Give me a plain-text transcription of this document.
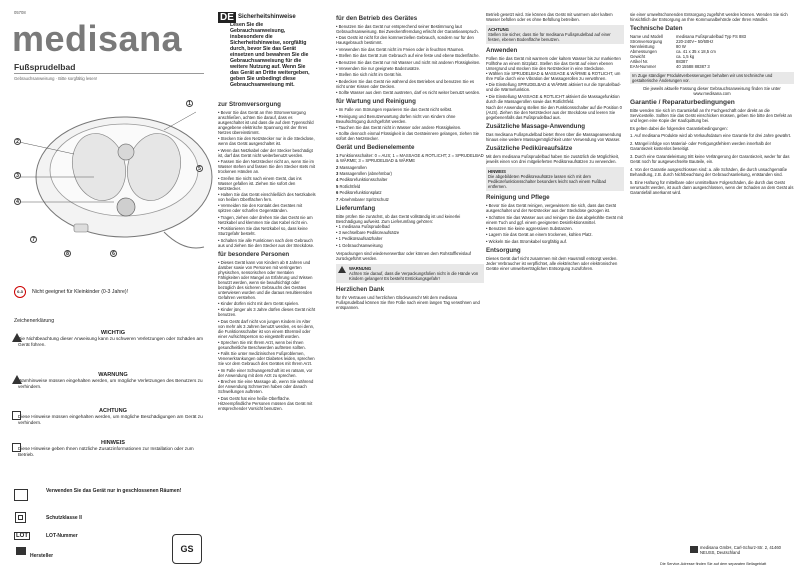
05708
medisana
Fußsprudelbad
Gebrauchsanweisung · Bitte sorgfältig lesen!
1
2
3
4
5
6
7
8
0-3	Nicht geeignet für Kleinkinder (0-3 Jahre)!
Zeichenerklärung
WICHTIG
Die Nichtbeachtung dieser Anweisung kann zu schweren Verletzungen oder Schäden am Gerät führen.
WARNUNG
Warnhinweise müssen eingehalten werden, um mögliche Verletzungen des Benutzers zu verhindern.
ACHTUNG
Diese Hinweise müssen eingehalten werden, um mögliche Beschädigungen am Gerät zu verhindern.
HINWEIS
Diese Hinweise geben Ihnen nützliche Zusatzinformationen zur Installation oder zum Betrieb.
Verwenden Sie das Gerät nur in geschlossenen Räumen!
Schutzklasse II
LOT	LOT-Nummer
Hersteller
GS
DE Sicherheitshinweise
Lesen Sie die Gebrauchsanweisung, insbesondere die Sicherheitshinweise, sorgfältig durch, bevor Sie das Gerät einsetzen und bewahren Sie die Gebrauchsanweisung für die weitere Nutzung auf. Wenn Sie das Gerät an Dritte weitergeben, geben Sie unbedingt diese Gebrauchsanweisung mit.
zur Stromversorgung

• Bevor Sie das Gerät an Ihre Stromversorgung anschließen, achten Sie darauf, dass es ausgeschaltet ist und dass die auf dem Typenschild angegebene elektrische Spannung mit der Ihres Netzes übereinstimmt.

• Stecken Sie den Netzstecker nur in die Steckdose, wenn das Gerät ausgeschaltet ist.

• Wenn das Netzkabel oder der Stecker beschädigt ist, darf das Gerät nicht weiterbenutzt werden.

• Fassen Sie den Netzstecker nicht an, wenn Sie im Wasser stehen und fassen Sie den Stecker stets mit trockenen Händen an.

• Greifen Sie nicht nach einem Gerät, das ins Wasser gefallen ist. Ziehen Sie sofort den Netzstecker.

• Halten Sie das Gerät einschließlich des Netzkabels von heißen Oberflächen fern.

• Vermeiden Sie den Kontakt des Gerätes mit spitzen oder scharfen Gegenständen.

• Tragen, ziehen oder drehen Sie das Gerät nie am Netzkabel und klemmen Sie das Kabel nicht ein.

• Positionieren Sie das Netzkabel so, dass keine Sturzgefahr besteht.

• Schalten Sie alle Funktionen nach dem Gebrauch aus und ziehen Sie den Stecker aus der Steckdose.

für besondere Personen

• Dieses Gerät kann von Kindern ab 8 Jahren und darüber sowie von Personen mit verringerten physischen, sensorischen oder mentalen Fähigkeiten oder Mangel an Erfahrung und Wissen benutzt werden, wenn sie beaufsichtigt oder bezüglich des sicheren Gebrauchs des Gerätes unterwiesen wurden und die daraus resultierenden Gefahren verstehen.

• Kinder dürfen nicht mit dem Gerät spielen.

• Kinder jünger als 3 Jahre dürfen dieses Gerät nicht benutzen.

• Das Gerät darf nicht von jungen Kindern im Alter von mehr als 3 Jahren benutzt werden, es sei denn, die Funktionsschalter ist von einem Elternteil oder einer Aufsichtsperson so eingestellt worden.

• Sprechen Sie mit Ihrem Arzt, wenn bei Ihnen gesundheitliche Beschwerden auftreten sollten.

• Falls Sie unter medizinischen Fußproblemen, Venenerkrankungen oder Diabetes leiden, sprechen Sie vor dem Gebrauch des Gerätes mit Ihrem Arzt.

• Im Falle einer Schwangerschaft ist es ratsam, vor der Anwendung mit dem Arzt zu sprechen.

• Brechen Sie eine Massage ab, wenn Sie während der Anwendung Schmerzen haben oder danach Schwellungen auftreten.

• Das Gerät hat eine heiße Oberfläche. Hitzeempfindliche Personen müssen das Gerät mit entsprechender Vorsicht benutzen.

für den Betrieb des Gerätes

• Benutzen Sie das Gerät nur entsprechend seiner Bestimmung laut Gebrauchsanweisung. Bei Zweckentfremdung erlischt der Garantieanspruch.

• Das Gerät ist nicht für den kommerziellen Gebrauch, sondern nur für den Hausgebrauch bestimmt.

• Verwenden Sie das Gerät nicht im Freien oder in feuchten Räumen.

• Stellen Sie das Gerät zum Gebrauch auf eine feste und ebene Bodenfläche.

• Benutzen Sie das Gerät nur mit Wasser und nicht mit anderen Flüssigkeiten.

• Verwenden Sie nur geeignete Badezusätze.

• Stellen Sie sich nicht im Gerät hin.

• Bedecken Sie das Gerät nie während des Betriebes und benutzen Sie es nicht unter Kissen oder Decken.

• Sollte Wasser aus dem Gerät austreten, darf es nicht weiter benutzt werden.

für Wartung und Reinigung

• Im Falle von Störungen reparieren Sie das Gerät nicht selbst.

• Reinigung und Benutzerwartung dürfen nicht von Kindern ohne Beaufsichtigung durchgeführt werden.

• Tauchen Sie das Gerät nicht in Wasser oder andere Flüssigkeiten.

• Sollte dennoch einmal Flüssigkeit in das Geräteinnere gelangen, ziehen Sie sofort den Netzstecker.

Gerät und Bedienelemente

1 Funktionsschalter: 0 = AUS; 1 = MASSAGE & ROTLICHT; 2 = SPRUDELBAD & WÄRME; 3 = SPRUDELBAD & WÄRME

2 Massagerollen

3 Massagerollen (abnehmbar)

4 Pedikürefunktionsschalter

5 Rotlichtfeld

6 Pedikürefunktionsplatz

7 Abnehmbarer Spritzschutz

Lieferumfang
Bitte prüfen Sie zunächst, ob das Gerät vollständig ist und keinerlei Beschädigung aufweist. Zum Lieferumfang gehören:

• 1 medisana Fußsprudelbad

• 3 wechselbare Pediküreaufsätze

• 1 Pedikürsaufsatzhalter

• 1 Gebrauchsanweisung

Verpackungen sind wiederverwertbar oder können dem Rohstoffkreislauf zurückgeführt werden.
WARNUNG
Achten Sie darauf, dass die Verpackungsfolien nicht in die Hände von Kindern gelangen! Es besteht Erstickungsgefahr!
Herzlichen Dank
für Ihr Vertrauen und herzlichen Glückwunsch! Mit dem medisana Fußsprudelbad können Sie Ihre Füße nach einem langen Tag verwöhnen und entspannen.
Betrieb gesetzt wird. Sie können das Gerät mit warmem oder kaltem Wasser befüllen oder es ohne Befüllung betreiben.
ACHTUNG
Stellen Sie sicher, dass Sie für medisana Fußsprudelbad auf einer festen, ebenen Bodenfläche benutzen.
Anwenden
Füllen Sie das Gerät mit warmem oder kaltem Wasser bis zur markierten Füllhöhe an einem Sitzplatz. Stellen Sie das Gerät auf einen ebenen Untergrund und stecken Sie den Netzstecker in eine Steckdose.

• Wählen Sie SPRUDELBAD & MASSAGE & WÄRME & ROTLICHT, um Ihre Füße durch eine Vibration der Massagerollen zu verwöhnen.

• Die Einstellung SPRUDELBAD & WÄRME aktiviert nur die Sprudelbad- und die Wärmefunktion.

• Die Einstellung MASSAGE & ROTLICHT aktiviert die Massagefunktion durch die Massagerollen sowie das Rotlichtfeld.

Nach der Anwendung stellen Sie den Funktionsschalter auf die Position 0 (AUS). Ziehen Sie den Netzstecker aus der Steckdose und leeren Sie gegebenenfalls das Fußsprudelbad aus.
Zusätzliche Massage-Anwendung
Das medisana Fußsprudelbad bietet Ihnen über die Massageanwendung hinaus eine weitere Massagemöglichkeit unter Verwendung von Wasser.
Zusätzliche Pediküreaufsätze
Mit dem medisana Fußsprudelbad haben Sie zusätzlich die Möglichkeit, jeweils einen von drei mitgelieferten Pediküreaufsätzen zu verwenden.
HINWEIS
Die abgebildeten Pediküreaufsätze lassen sich mit dem Pedikürefunktionsschalter besonders leicht nach einem Fußbad entfernen.
Reinigung und Pflege

• Bevor Sie das Gerät reinigen, vergewissern Sie sich, dass das Gerät ausgeschaltet und der Netzstecker aus der Steckdose gezogen ist.

• Schütten Sie das Wasser aus und reinigen Sie das abgekühlte Gerät mit einem Tuch und ggf. einem geeigneten Desinfektionsmittel.

• Benutzen Sie keine aggressiven Substanzen.

• Lagern Sie das Gerät an einem trockenen, kühlen Platz.

• Wickeln Sie das Stromkabel sorgfältig auf.

Entsorgung
Dieses Gerät darf nicht zusammen mit dem Hausmüll entsorgt werden. Jeder Verbraucher ist verpflichtet, alle elektrischen oder elektronischen Geräte einer umweltverträglichen Entsorgung zuzuführen.
sie einer umweltschonenden Entsorgung zugeführt werden können. Wenden Sie sich hinsichtlich der Entsorgung an Ihre Kommunalbehörde oder Ihren Händler.
Technische Daten
Name und Modell	medisana Fußsprudelbad Typ FS 883
Stromversorgung	220-240V~ 50/60Hz
Nennleistung	80 W
Abmessungen	ca. 41 x 35 x 18,5 cm
Gewicht	ca. 1,5 kg
Artikel Nr.	88387
EAN-Nummer	40 15588 88387 3
Im Zuge ständiger Produktverbesserungen behalten wir uns technische und gestalterische Änderungen vor.
Die jeweils aktuelle Fassung dieser Gebrauchsanweisung finden Sie unter www.medisana.com
Garantie / Reparaturbedingungen
Bitte wenden Sie sich im Garantiefall an Ihr Fachgeschäft oder direkt an die Servicestelle. Sollten Sie das Gerät einschicken müssen, geben Sie bitte den Defekt an und legen eine Kopie der Kaufquittung bei.
Es gelten dabei die folgenden Garantiebedingungen:

1. Auf medisana Produkte wird ab Verkaufsdatum eine Garantie für drei Jahre gewährt.

2. Mängel infolge von Material- oder Fertigungsfehlern werden innerhalb der Garantiezeit kostenlos beseitigt.

3. Durch eine Garantieleistung tritt keine Verlängerung der Garantiezeit, weder für das Gerät noch für ausgewechselte Bauteile, ein.

4. Von der Garantie ausgeschlossen sind: a. alle Schäden, die durch unsachgemäße Behandlung, z.B. durch Nichtbeachtung der Gebrauchsanleitung, entstanden sind.

5. Eine Haftung für mittelbare oder unmittelbare Folgeschäden, die durch das Gerät verursacht werden, ist auch dann ausgeschlossen, wenn der Schaden an dem Gerät als Garantiefall anerkannt wird.

medisana GmbH, Carl-Schurz-Str. 2, 41460 NEUSS, Deutschland
Die Service-Adresse finden Sie auf dem separaten Beilageblatt
